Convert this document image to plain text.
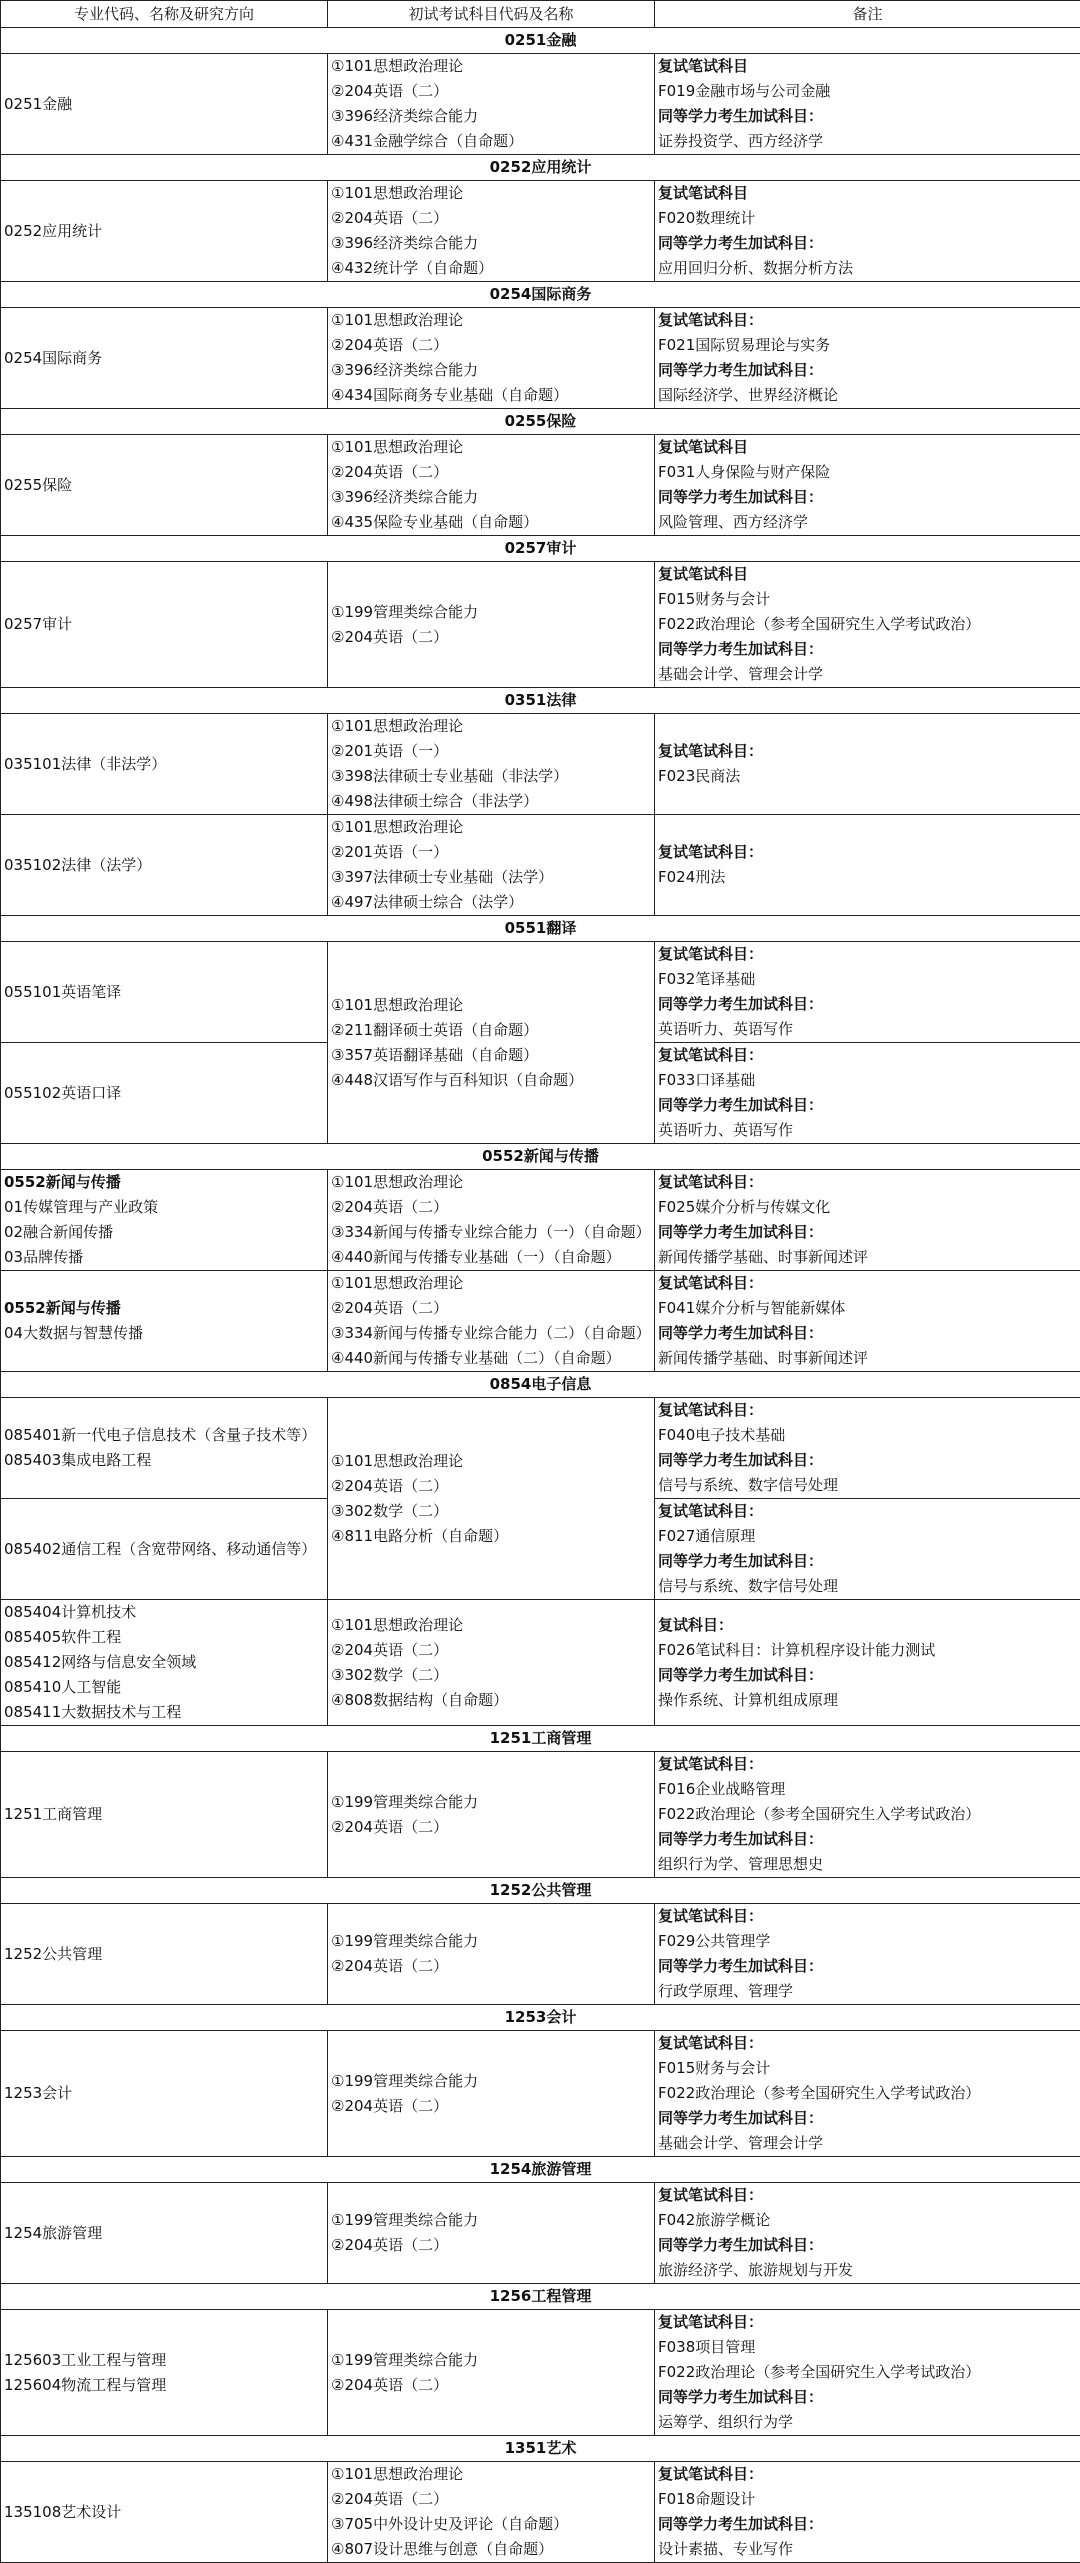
专业代码、名称及研究方向	初试考试科目代码及名称	备注
0251金融		

0251金融	①101思想政治理论
②204英语（二）
③396经济类综合能力
④431金融学综合（自命题）	复试笔试科目
F019金融市场与公司金融
同等学力考生加试科目：
证券投资学、西方经济学

0252应用统计		

0252应用统计	①101思想政治理论
②204英语（二）
③396经济类综合能力
④432统计学（自命题）	复试笔试科目
F020数理统计
同等学力考生加试科目：
应用回归分析、数据分析方法

0254国际商务		

0254国际商务	①101思想政治理论
②204英语（二）
③396经济类综合能力
④434国际商务专业基础（自命题）	复试笔试科目：
F021国际贸易理论与实务
同等学力考生加试科目：
国际经济学、世界经济概论

0255保险		

0255保险	①101思想政治理论
②204英语（二）
③396经济类综合能力
④435保险专业基础（自命题）	复试笔试科目
F031人身保险与财产保险
同等学力考生加试科目：
风险管理、西方经济学

0257审计		

0257审计	①199管理类综合能力
②204英语（二）	复试笔试科目
F015财务与会计
F022政治理论（参考全国研究生入学考试政治）
同等学力考生加试科目：
基础会计学、管理会计学

0351法律		

035101法律（非法学）	①101思想政治理论
②201英语（一）
③398法律硕士专业基础（非法学）
④498法律硕士综合（非法学）	复试笔试科目：
F023民商法

035102法律（法学）	①101思想政治理论
②201英语（一）
③397法律硕士专业基础（法学）
④497法律硕士综合（法学）	复试笔试科目：
F024刑法

0551翻译		

055101英语笔译	①101思想政治理论
②211翻译硕士英语（自命题）
③357英语翻译基础（自命题）
④448汉语写作与百科知识（自命题）	复试笔试科目：
F032笔译基础
同等学力考生加试科目：
英语听力、英语写作

055102英语口译		复试笔试科目：
F033口译基础
同等学力考生加试科目：
英语听力、英语写作

0552新闻与传播		

0552新闻与传播
01传媒管理与产业政策
02融合新闻传播
03品牌传播	①101思想政治理论
②204英语（二）
③334新闻与传播专业综合能力（一）（自命题）
④440新闻与传播专业基础（一）（自命题）	复试笔试科目：
F025媒介分析与传媒文化
同等学力考生加试科目：
新闻传播学基础、时事新闻述评

0552新闻与传播
04大数据与智慧传播	①101思想政治理论
②204英语（二）
③334新闻与传播专业综合能力（二）（自命题）
④440新闻与传播专业基础（二）（自命题）	复试笔试科目：
F041媒介分析与智能新媒体
同等学力考生加试科目：
新闻传播学基础、时事新闻述评

0854电子信息		

085401新一代电子信息技术（含量子技术等）
085403集成电路工程	①101思想政治理论
②204英语（二）
③302数学（二）
④811电路分析（自命题）	复试笔试科目：
F040电子技术基础
同等学力考生加试科目：
信号与系统、数字信号处理

085402通信工程（含宽带网络、移动通信等）		复试笔试科目：
F027通信原理
同等学力考生加试科目：
信号与系统、数字信号处理

085404计算机技术
085405软件工程
085412网络与信息安全领域
085410人工智能
085411大数据技术与工程	①101思想政治理论
②204英语（二）
③302数学（二）
④808数据结构（自命题）	复试科目：
F026笔试科目：计算机程序设计能力测试
同等学力考生加试科目：
操作系统、计算机组成原理

1251工商管理		

1251工商管理	①199管理类综合能力
②204英语（二）	复试笔试科目：
F016企业战略管理
F022政治理论（参考全国研究生入学考试政治）
同等学力考生加试科目：
组织行为学、管理思想史

1252公共管理		

1252公共管理	①199管理类综合能力
②204英语（二）	复试笔试科目：
F029公共管理学
同等学力考生加试科目：
行政学原理、管理学

1253会计		

1253会计	①199管理类综合能力
②204英语（二）	复试笔试科目：
F015财务与会计
F022政治理论（参考全国研究生入学考试政治）
同等学力考生加试科目：
基础会计学、管理会计学

1254旅游管理		

1254旅游管理	①199管理类综合能力
②204英语（二）	复试笔试科目：
F042旅游学概论
同等学力考生加试科目：
旅游经济学、旅游规划与开发

1256工程管理		

125603工业工程与管理
125604物流工程与管理	①199管理类综合能力
②204英语（二）	复试笔试科目：
F038项目管理
F022政治理论（参考全国研究生入学考试政治）
同等学力考生加试科目：
运筹学、组织行为学

1351艺术		

135108艺术设计	①101思想政治理论
②204英语（二）
③705中外设计史及评论（自命题）
④807设计思维与创意（自命题）	复试笔试科目：
F018命题设计
同等学力考生加试科目：
设计素描、专业写作
